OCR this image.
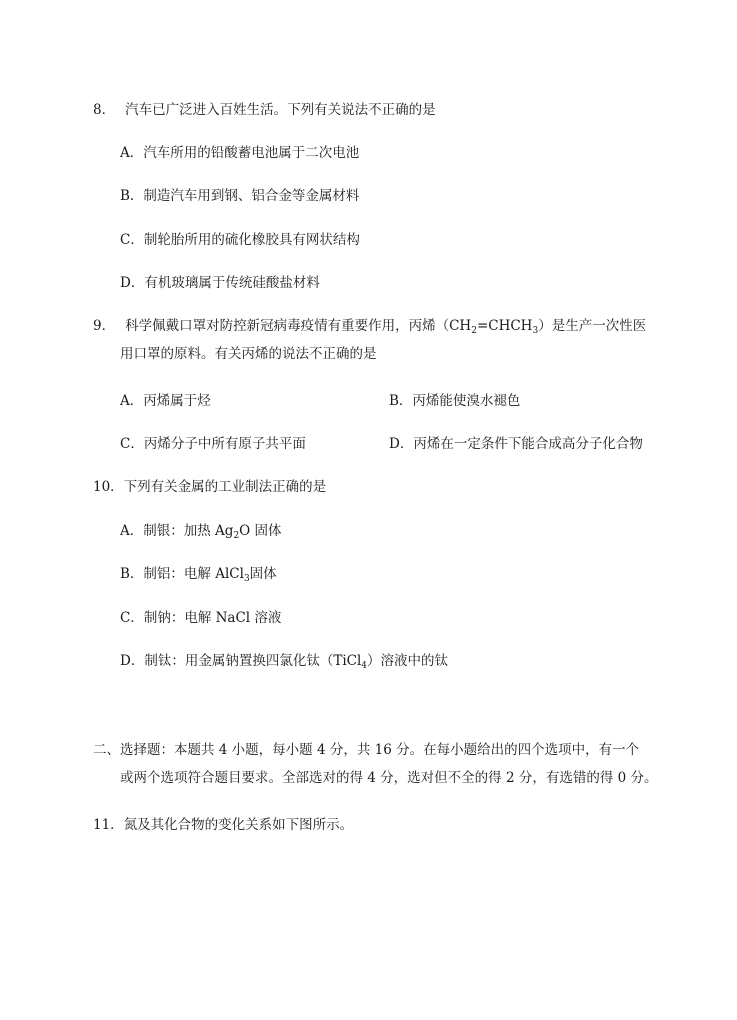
8． 汽车已广泛进入百姓生活。下列有关说法不正确的是
A．汽车所用的铅酸蓄电池属于二次电池
B．制造汽车用到钢、铝合金等金属材料
C．制轮胎所用的硫化橡胶具有网状结构
D．有机玻璃属于传统硅酸盐材料
9． 科学佩戴口罩对防控新冠病毒疫情有重要作用，丙烯$(CH_2=CHCH_3)$是生产一次性医
用口罩的原料。有关丙烯的说法不正确的是
A．丙烯属于烃	B．丙烯能使溴水褪色
C．丙烯分子中所有原子共平面	D．丙烯在一定条件下能合成高分子化合物
10．下列有关金属的工业制法正确的是
A．制银：加热 $Ag_2O$ 固体
B．制铝：电解 AlCl$_3$固体
C．制钠：电解 NaCl 溶液
D．制钛：用金属钠置换四氯化钛（TiCl$_4$）溶液中的钛
二、选择题：本题共 4 小题，每小题 4 分，共 16 分。在每小题给出的四个选项中，有一个
或两个选项符合题目要求。全部选对的得 4 分，选对但不全的得 2 分，有选错的得 0 分。
11．氮及其化合物的变化关系如下图所示。
